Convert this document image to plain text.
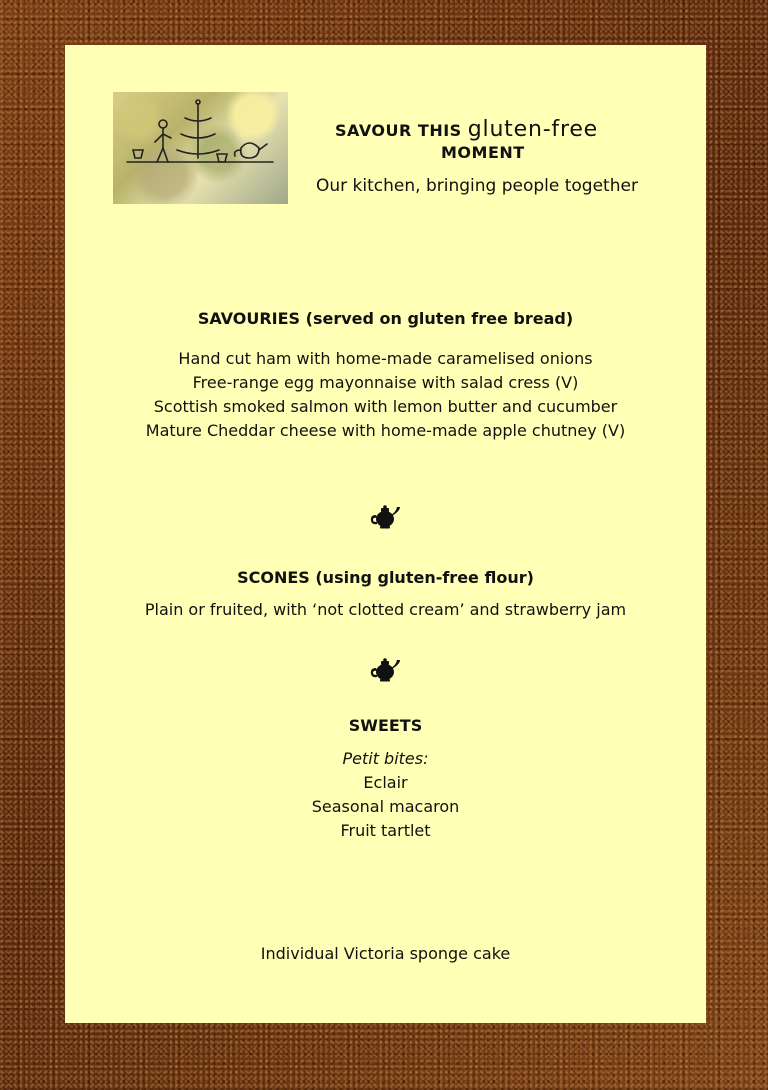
SAVOUR THIS gluten-free
MOMENT
Our kitchen, bringing people together
SAVOURIES (served on gluten free bread)
Hand cut ham with home-made caramelised onions
Free-range egg mayonnaise with salad cress (V)
Scottish smoked salmon with lemon butter and cucumber
Mature Cheddar cheese with home-made apple chutney (V)
SCONES (using gluten-free flour)
Plain or fruited, with ‘not clotted cream’ and strawberry jam
SWEETS
Petit bites:
Eclair
Seasonal macaron
Fruit tartlet
Individual Victoria sponge cake
